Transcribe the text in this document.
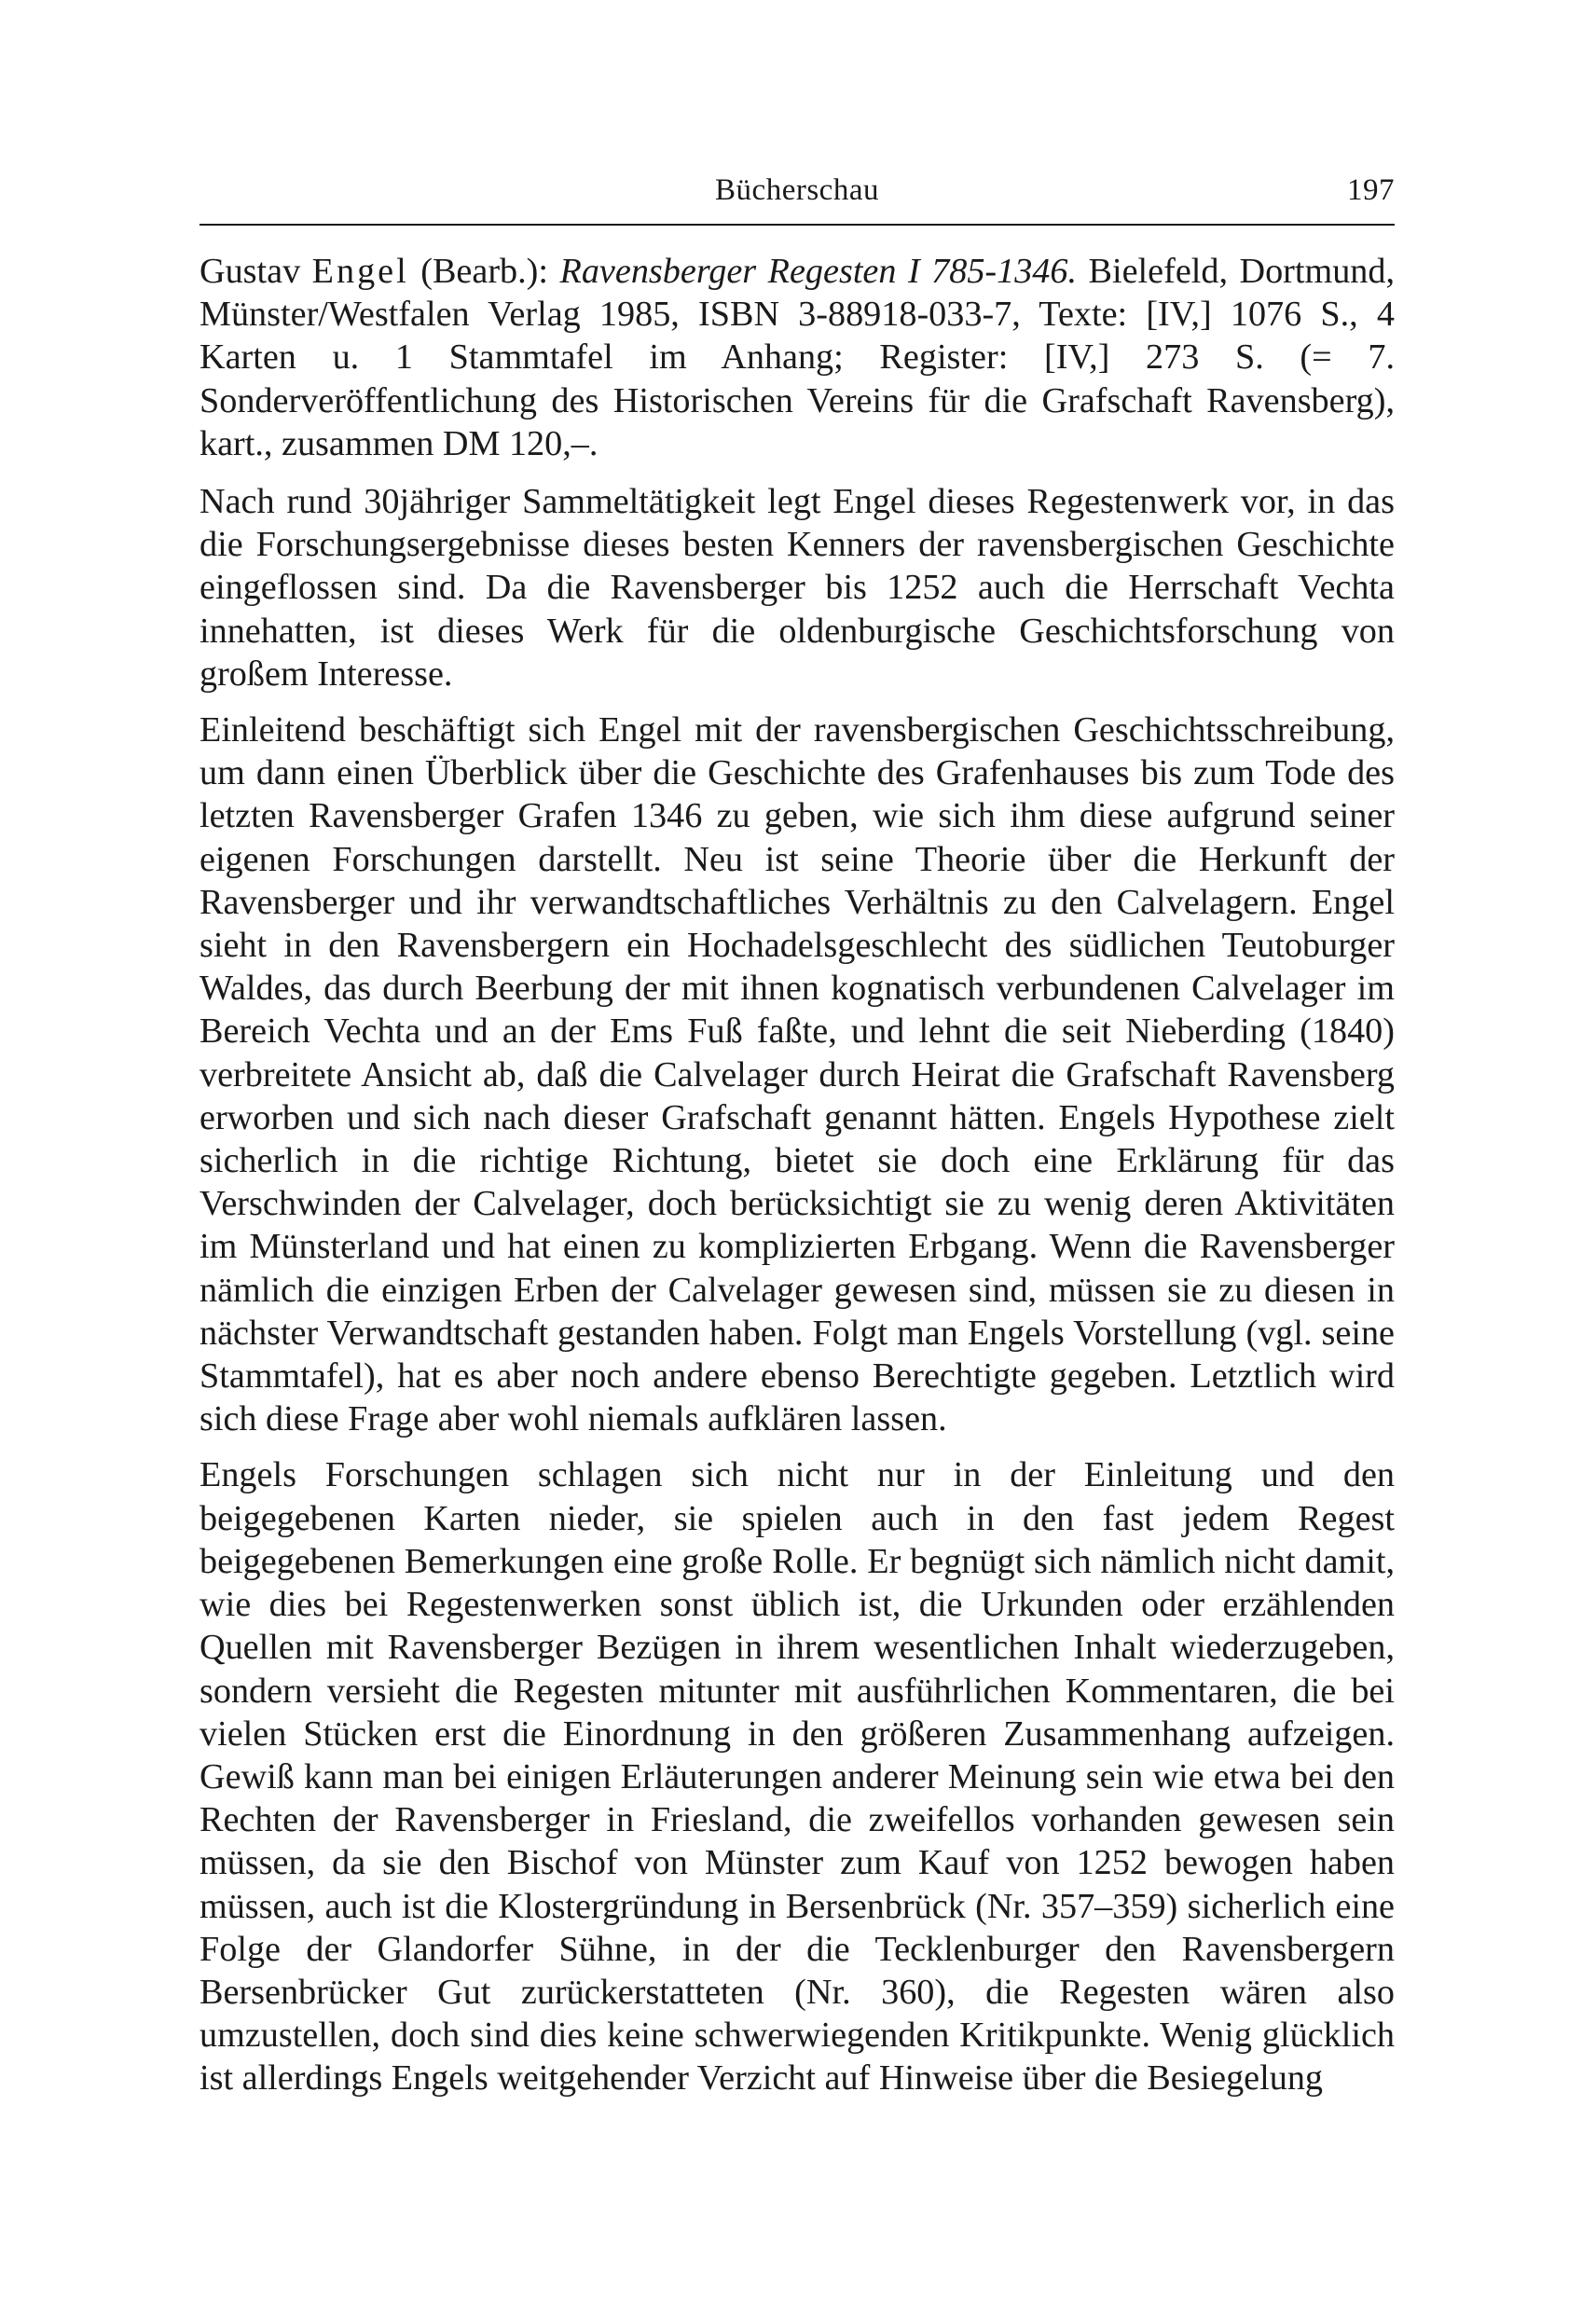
Bücherschau	197

Gustav Engel (Bearb.): Ravensberger Regesten I 785-1346. Bielefeld, Dortmund, Münster/Westfalen Verlag 1985, ISBN 3-88918-033-7, Texte: [IV,] 1076 S., 4 Karten u. 1 Stammtafel im Anhang; Register: [IV,] 273 S. (= 7. Sonderveröffentlichung des Historischen Vereins für die Grafschaft Ravensberg), kart., zusammen DM 120,–.

Nach rund 30jähriger Sammeltätigkeit legt Engel dieses Regestenwerk vor, in das die Forschungsergebnisse dieses besten Kenners der ravensbergischen Geschichte eingeflossen sind. Da die Ravensberger bis 1252 auch die Herrschaft Vechta innehatten, ist dieses Werk für die oldenburgische Geschichtsforschung von großem Interesse.

Einleitend beschäftigt sich Engel mit der ravensbergischen Geschichtsschreibung, um dann einen Überblick über die Geschichte des Grafenhauses bis zum Tode des letzten Ravensberger Grafen 1346 zu geben, wie sich ihm diese aufgrund seiner eigenen Forschungen darstellt. Neu ist seine Theorie über die Herkunft der Ravensberger und ihr verwandtschaftliches Verhältnis zu den Calvelagern. Engel sieht in den Ravensbergern ein Hochadelsgeschlecht des südlichen Teutoburger Waldes, das durch Beerbung der mit ihnen kognatisch verbundenen Calvelager im Bereich Vechta und an der Ems Fuß faßte, und lehnt die seit Nieberding (1840) verbreitete Ansicht ab, daß die Calvelager durch Heirat die Grafschaft Ravensberg erworben und sich nach dieser Grafschaft genannt hätten. Engels Hypothese zielt sicherlich in die richtige Richtung, bietet sie doch eine Erklärung für das Verschwinden der Calvelager, doch berücksichtigt sie zu wenig deren Aktivitäten im Münsterland und hat einen zu komplizierten Erbgang. Wenn die Ravensberger nämlich die einzigen Erben der Calvelager gewesen sind, müssen sie zu diesen in nächster Verwandtschaft gestanden haben. Folgt man Engels Vorstellung (vgl. seine Stammtafel), hat es aber noch andere ebenso Berechtigte gegeben. Letztlich wird sich diese Frage aber wohl niemals aufklären lassen.

Engels Forschungen schlagen sich nicht nur in der Einleitung und den beigegebenen Karten nieder, sie spielen auch in den fast jedem Regest beigegebenen Bemerkungen eine große Rolle. Er begnügt sich nämlich nicht damit, wie dies bei Regestenwerken sonst üblich ist, die Urkunden oder erzählenden Quellen mit Ravensberger Bezügen in ihrem wesentlichen Inhalt wiederzugeben, sondern versieht die Regesten mitunter mit ausführlichen Kommentaren, die bei vielen Stücken erst die Einordnung in den größeren Zusammenhang aufzeigen. Gewiß kann man bei einigen Erläuterungen anderer Meinung sein wie etwa bei den Rechten der Ravensberger in Friesland, die zweifellos vorhanden gewesen sein müssen, da sie den Bischof von Münster zum Kauf von 1252 bewogen haben müssen, auch ist die Klostergründung in Bersenbrück (Nr. 357–359) sicherlich eine Folge der Glandorfer Sühne, in der die Tecklenburger den Ravensbergern Bersenbrücker Gut zurückerstatteten (Nr. 360), die Regesten wären also umzustellen, doch sind dies keine schwerwiegenden Kritikpunkte. Wenig glücklich ist allerdings Engels weitgehender Verzicht auf Hinweise über die Besiegelung
